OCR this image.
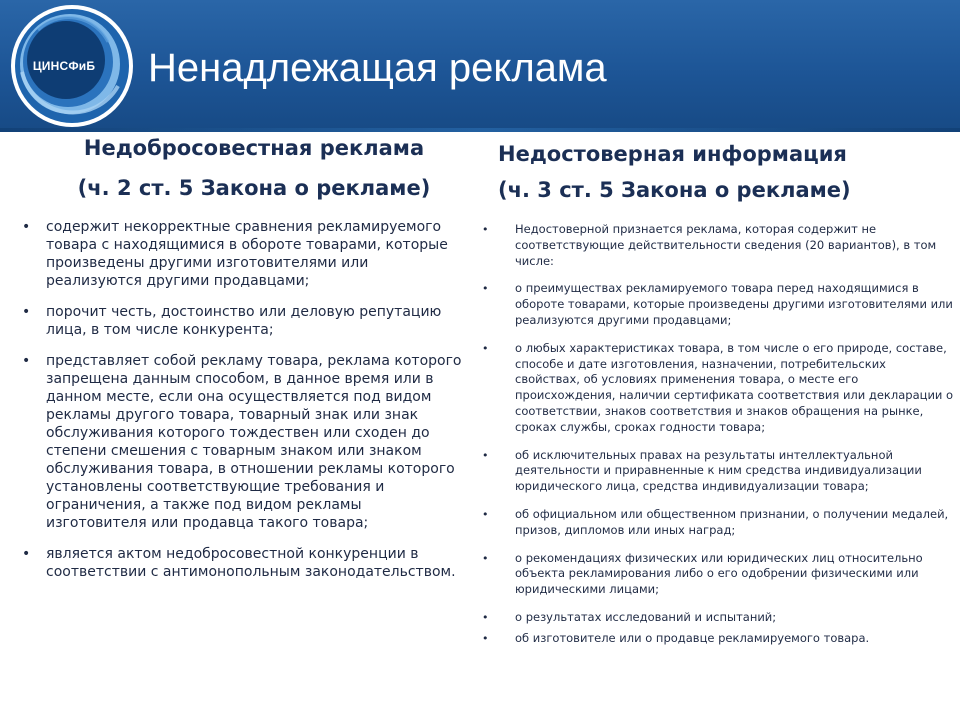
ЦИНСФиБ	Ненадлежащая реклама
Недобросовестная реклама
(ч. 2 ст. 5 Закона о рекламе)
• содержит некорректные сравнения рекламируемого товара с находящимися в обороте товарами, которые произведены другими изготовителями или реализуются другими продавцами;
• порочит честь, достоинство или деловую репутацию лица, в том числе конкурента;
• представляет собой рекламу товара, реклама которого запрещена данным способом, в данное время или в данном месте, если она осуществляется под видом рекламы другого товара, товарный знак или знак обслуживания которого тождествен или сходен до степени смешения с товарным знаком или знаком обслуживания товара, в отношении рекламы которого установлены соответствующие требования и ограничения, а также под видом рекламы изготовителя или продавца такого товара;
• является актом недобросовестной конкуренции в соответствии с антимонопольным законодательством.
Недостоверная информация
(ч. 3 ст. 5 Закона о рекламе)
• Недостоверной признается реклама, которая содержит не соответствующие действительности сведения (20 вариантов), в том числе:
• о преимуществах рекламируемого товара перед находящимися в обороте товарами, которые произведены другими изготовителями или реализуются другими продавцами;
• о любых характеристиках товара, в том числе о его природе, составе, способе и дате изготовления, назначении, потребительских свойствах, об условиях применения товара, о месте его происхождения, наличии сертификата соответствия или декларации о соответствии, знаков соответствия и знаков обращения на рынке, сроках службы, сроках годности товара;
• об исключительных правах на результаты интеллектуальной деятельности и приравненные к ним средства индивидуализации юридического лица, средства индивидуализации товара;
• об официальном или общественном признании, о получении медалей, призов, дипломов или иных наград;
• о рекомендациях физических или юридических лиц относительно объекта рекламирования либо о его одобрении физическими или юридическими лицами;
• о результатах исследований и испытаний;
• об изготовителе или о продавце рекламируемого товара.
